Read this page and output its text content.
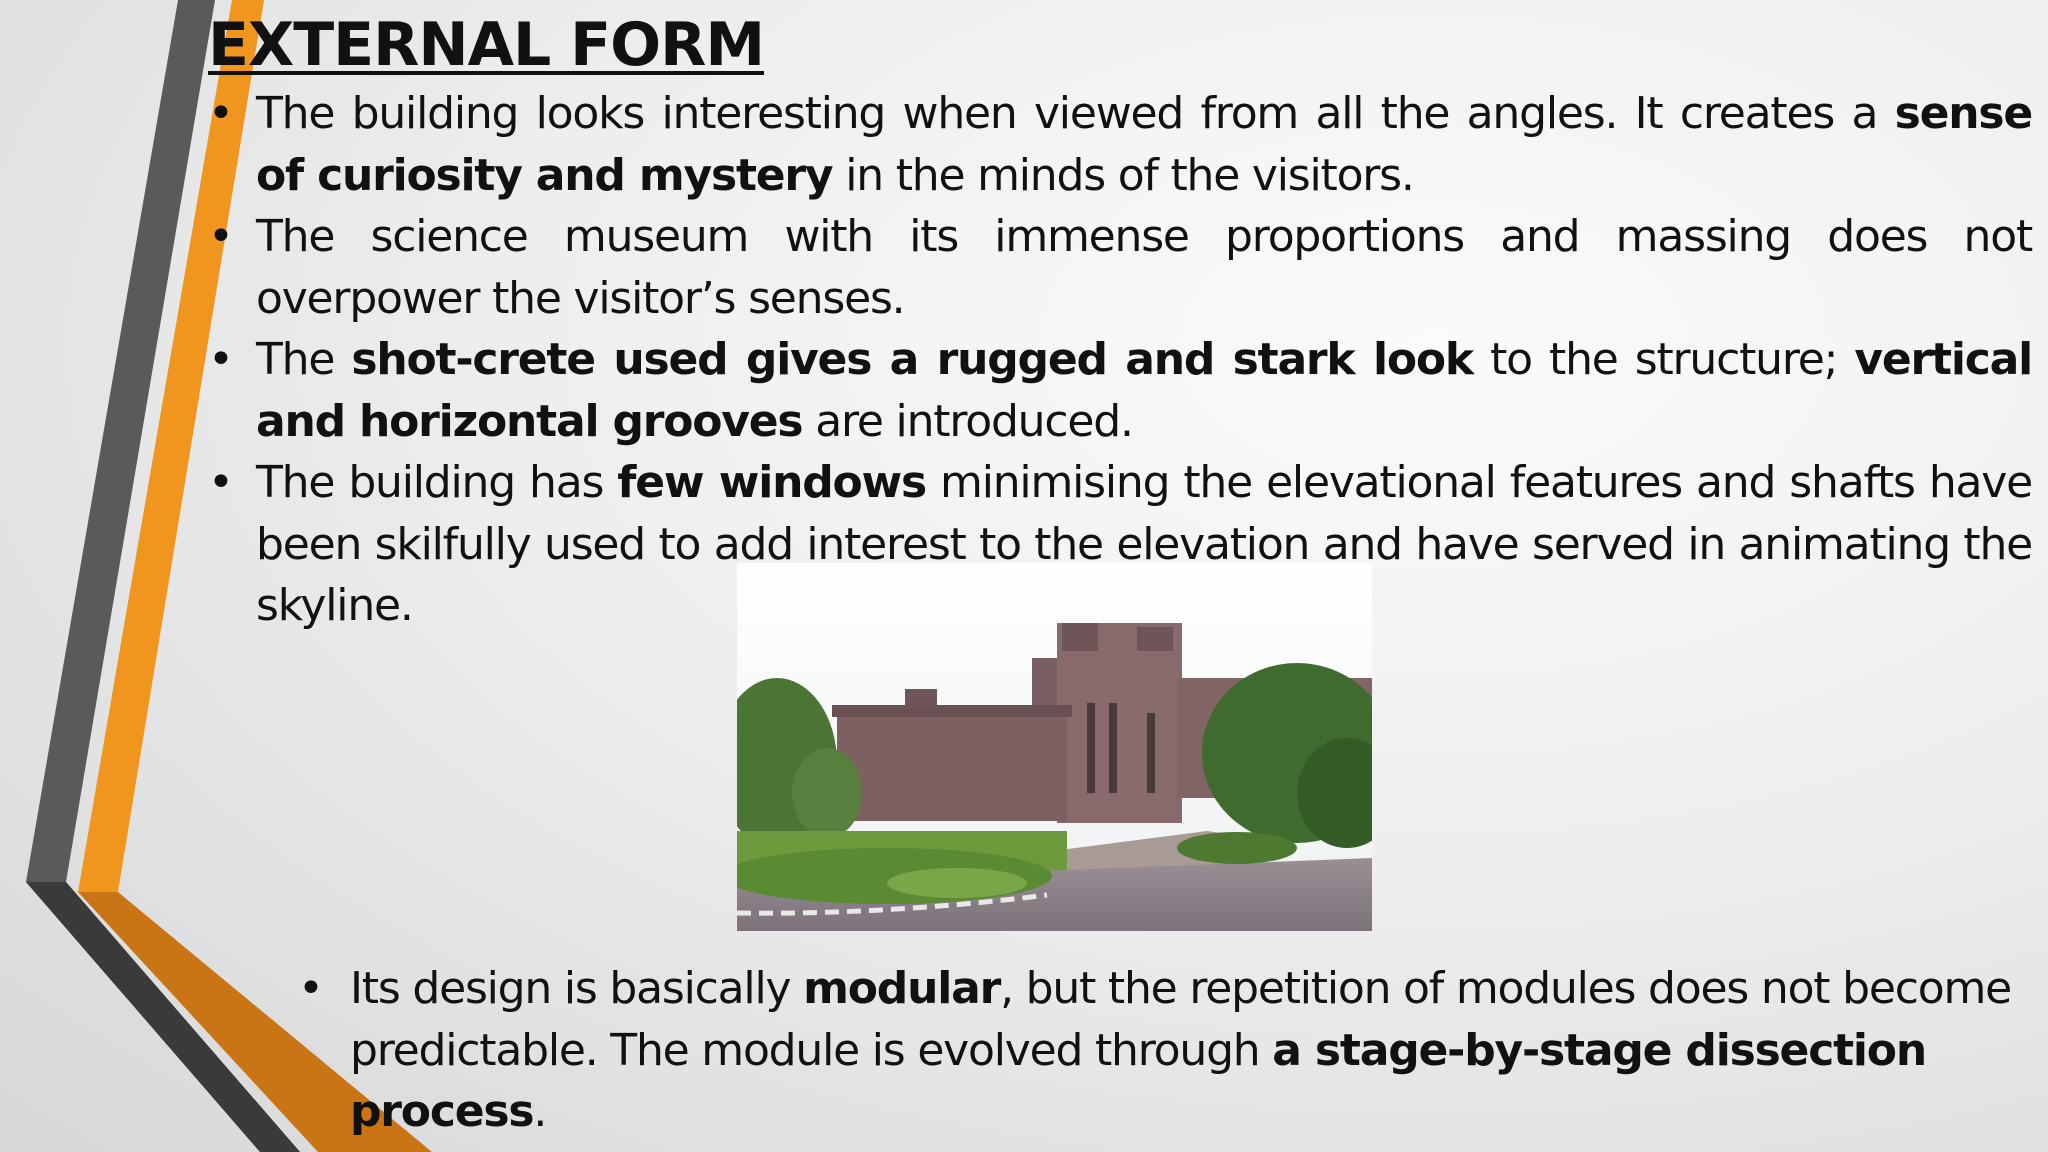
EXTERNAL FORM
• The building looks interesting when viewed from all the angles. It creates a sense of curiosity and mystery in the minds of the visitors.
• The science museum with its immense proportions and massing does not overpower the visitor’s senses.
• The shot-crete used gives a rugged and stark look to the structure; vertical and horizontal grooves are introduced.
• The building has few windows minimising the elevational features and shafts have been skilfully used to add interest to the elevation and have served in animating the skyline.
• Its design is basically modular, but the repetition of modules does not become predictable. The module is evolved through a stage-by-stage dissection process.
